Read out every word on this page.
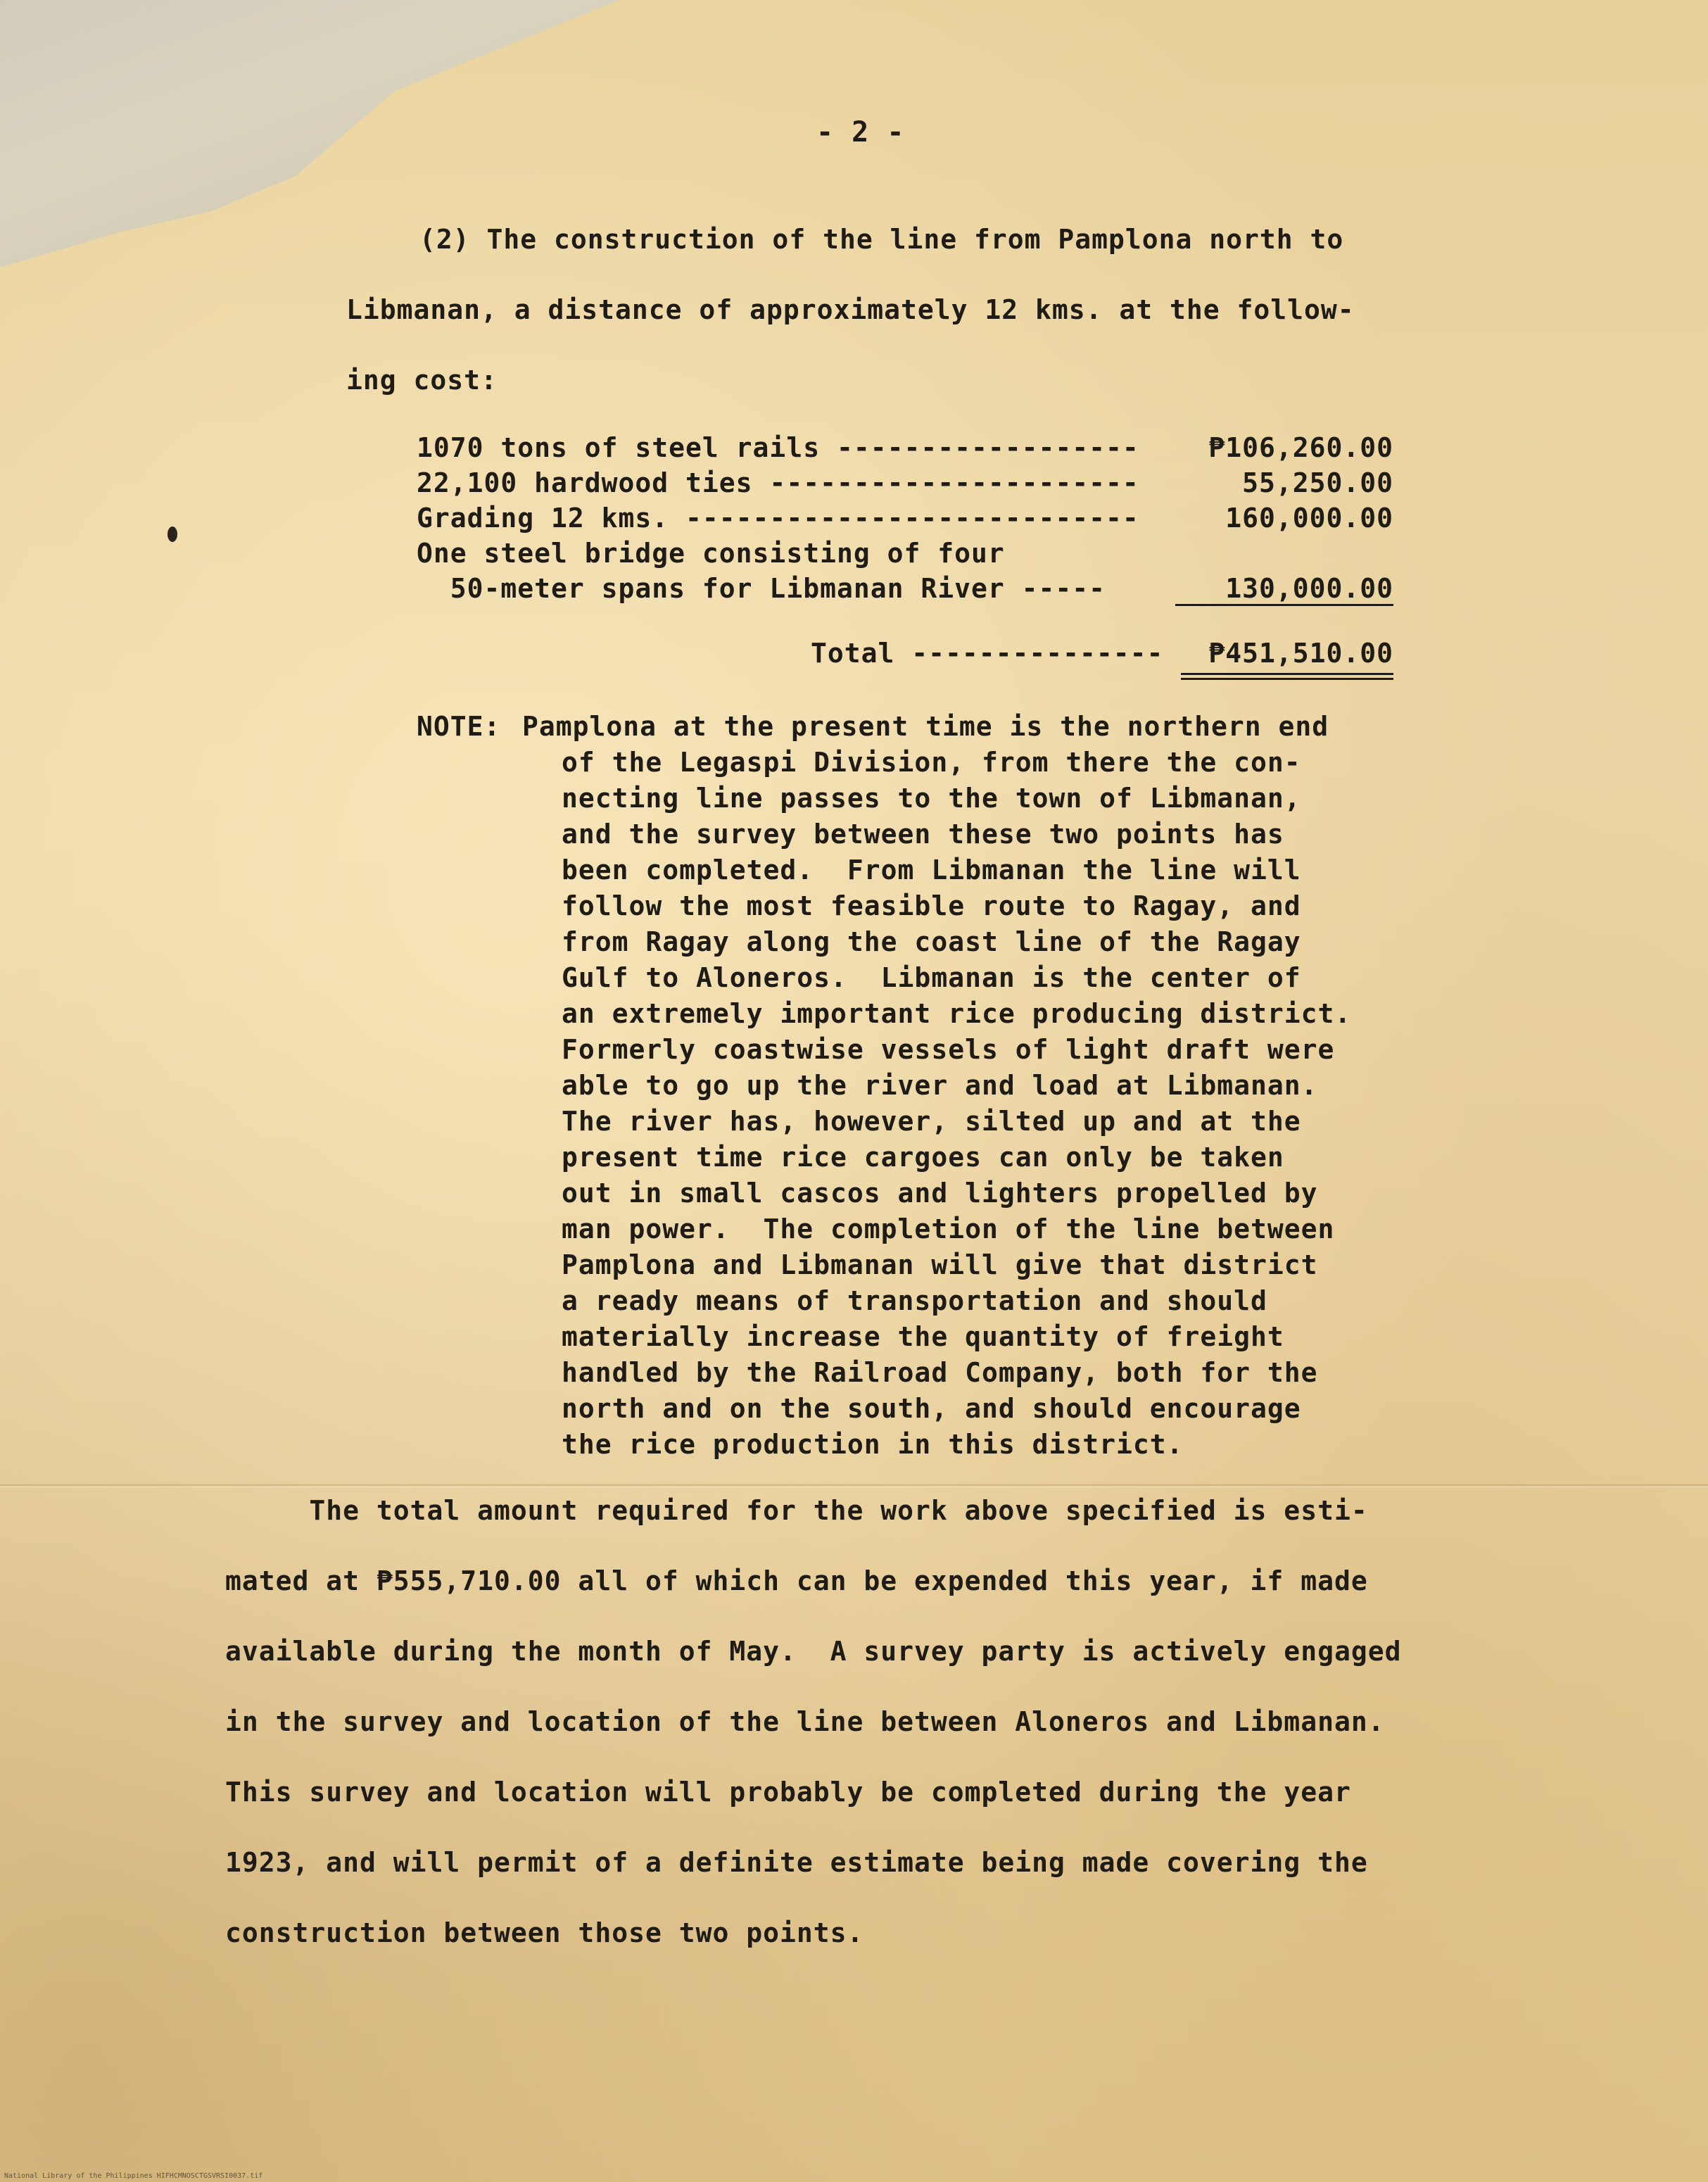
- 2 -
(2) The construction of the line from Pamplona north to
Libmanan, a distance of approximately 12 kms. at the follow-
ing cost:
1070 tons of steel rails ------------------	₱106,260.00
22,100 hardwood ties ----------------------	55,250.00
Grading 12 kms. ---------------------------	160,000.00
One steel bridge consisting of four
50-meter spans for Libmanan River -----	130,000.00
Total ---------------	₱451,510.00
NOTE: Pamplona at the present time is the northern end
of the Legaspi Division, from there the con-
necting line passes to the town of Libmanan,
and the survey between these two points has
been completed.  From Libmanan the line will
follow the most feasible route to Ragay, and
from Ragay along the coast line of the Ragay
Gulf to Aloneros.  Libmanan is the center of
an extremely important rice producing district.
Formerly coastwise vessels of light draft were
able to go up the river and load at Libmanan.
The river has, however, silted up and at the
present time rice cargoes can only be taken
out in small cascos and lighters propelled by
man power.  The completion of the line between
Pamplona and Libmanan will give that district
a ready means of transportation and should
materially increase the quantity of freight
handled by the Railroad Company, both for the
north and on the south, and should encourage
the rice production in this district.
The total amount required for the work above specified is esti-
mated at ₱555,710.00 all of which can be expended this year, if made
available during the month of May.  A survey party is actively engaged
in the survey and location of the line between Aloneros and Libmanan.
This survey and location will probably be completed during the year
1923, and will permit of a definite estimate being made covering the
construction between those two points.
National Library of the Philippines HIFHCMNOSCTGSVRSI0037.tif
